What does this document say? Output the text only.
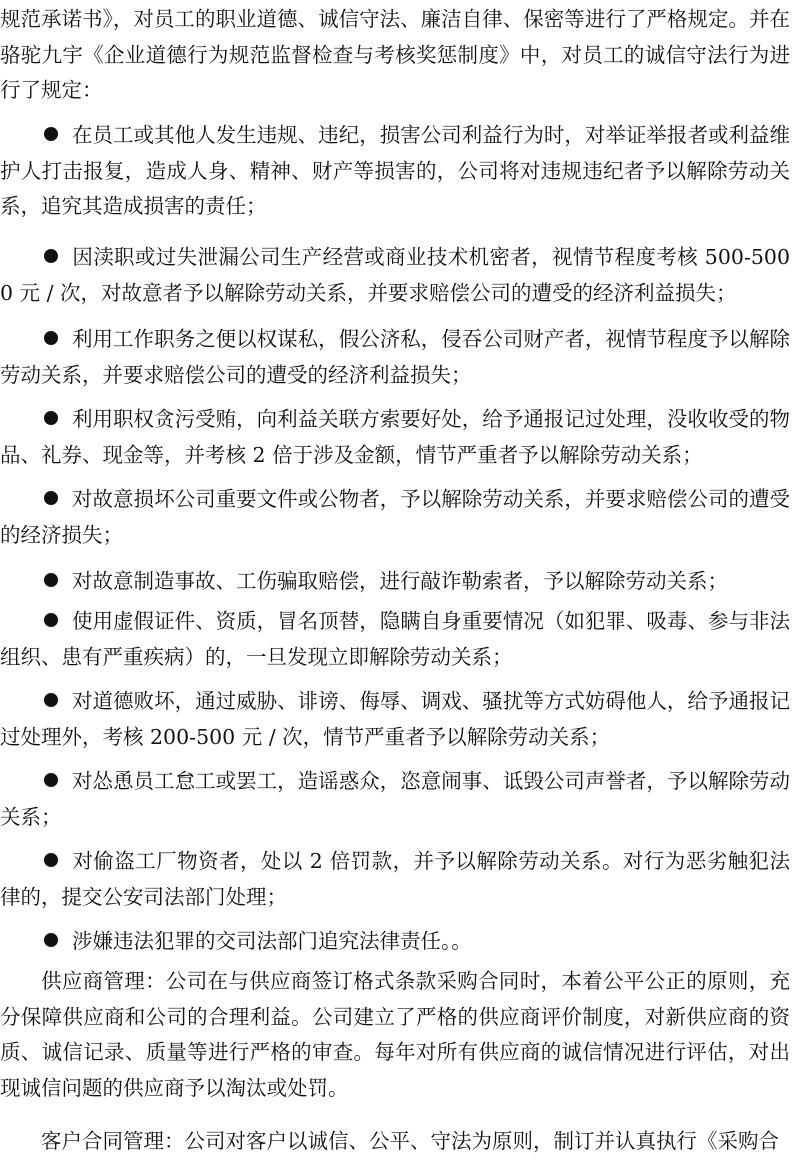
规范承诺书》，对员工的职业道德、诚信守法、廉洁自律、保密等进行了严格规定。并在骆驼九宇《企业道德行为规范监督检查与考核奖惩制度》中，对员工的诚信守法行为进行了规定：

在员工或其他人发生违规、违纪，损害公司利益行为时，对举证举报者或利益维护人打击报复，造成人身、精神、财产等损害的，公司将对违规违纪者予以解除劳动关系，追究其造成损害的责任；

因渎职或过失泄漏公司生产经营或商业技术机密者，视情节程度考核 500-5000 元 / 次，对故意者予以解除劳动关系，并要求赔偿公司的遭受的经济利益损失；

利用工作职务之便以权谋私，假公济私，侵吞公司财产者，视情节程度予以解除劳动关系，并要求赔偿公司的遭受的经济利益损失；

利用职权贪污受贿，向利益关联方索要好处，给予通报记过处理，没收收受的物品、礼券、现金等，并考核 2 倍于涉及金额，情节严重者予以解除劳动关系；

对故意损坏公司重要文件或公物者，予以解除劳动关系，并要求赔偿公司的遭受的经济损失；

对故意制造事故、工伤骗取赔偿，进行敲诈勒索者，予以解除劳动关系；

使用虚假证件、资质，冒名顶替，隐瞒自身重要情况（如犯罪、吸毒、参与非法组织、患有严重疾病）的，一旦发现立即解除劳动关系；

对道德败坏，通过威胁、诽谤、侮辱、调戏、骚扰等方式妨碍他人，给予通报记过处理外，考核 200-500 元 / 次，情节严重者予以解除劳动关系；

对怂恿员工怠工或罢工，造谣惑众，恣意闹事、诋毁公司声誉者，予以解除劳动关系；

对偷盗工厂物资者，处以 2 倍罚款，并予以解除劳动关系。对行为恶劣触犯法律的，提交公安司法部门处理；

涉嫌违法犯罪的交司法部门追究法律责任。。

供应商管理：公司在与供应商签订格式条款采购合同时，本着公平公正的原则，充分保障供应商和公司的合理利益。公司建立了严格的供应商评价制度，对新供应商的资质、诚信记录、质量等进行严格的审查。每年对所有供应商的诚信情况进行评估，对出现诚信问题的供应商予以淘汰或处罚。

客户合同管理：公司对客户以诚信、公平、守法为原则，制订并认真执行《采购合
